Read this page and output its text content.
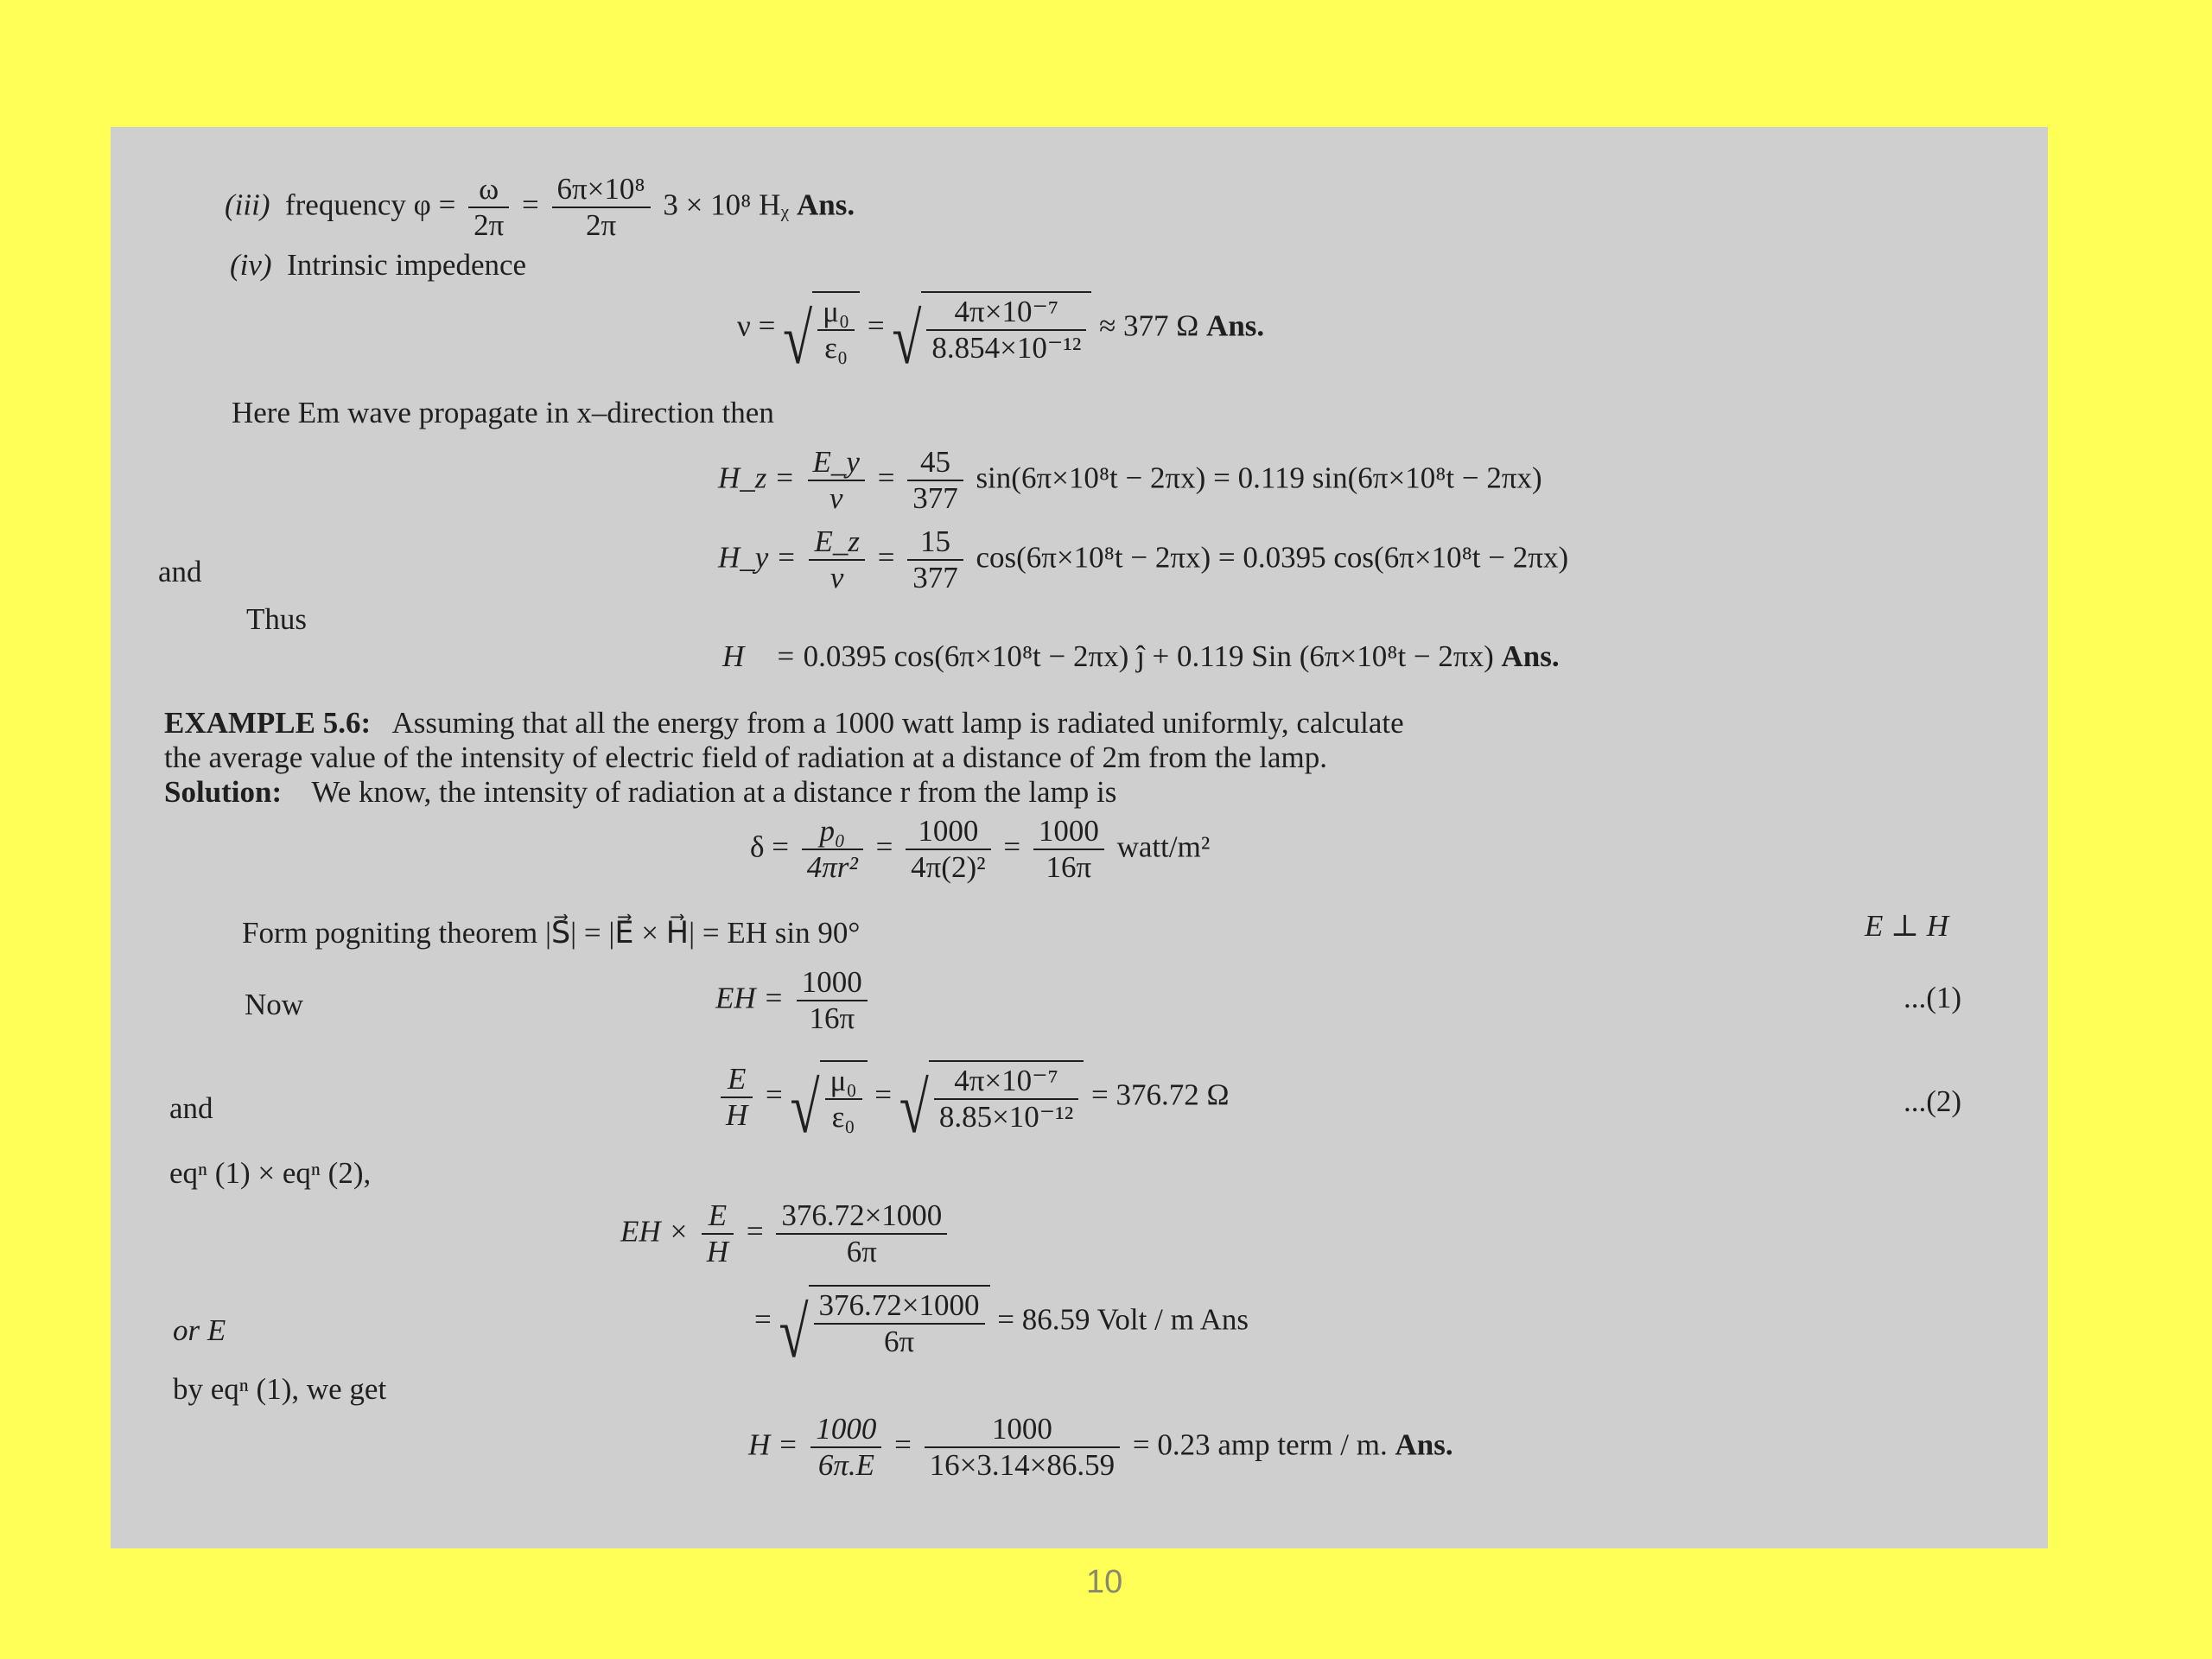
(iii) frequency $\varphi = \frac{\omega}{2\pi} = \frac{\text{6π×10⁸}}{2\pi} 3 \times 10^8$ Hᵪ Ans.
(iv) Intrinsic impedence
ν = √ $\frac{\text{μ₀}}{\text{ε₀}}$ = √ $\frac{\text{4π×10⁻⁷}}{\text{8.854×10⁻¹²}} \approx 377$ Ω Ans.
Here Em wave propagate in x–direction then
H_z = $\frac{E\_y}{\nu} = \frac{45}{377} \sin(6\pi\times 10^8t - 2\pi x) = 0.119$ sin(6π×10⁸t − 2πx)
and	H_y = $\frac{E\_z}{\nu} = \frac{15}{377} \cos(6\pi\times 10^8t - 2\pi x) = 0.0395$ cos(6π×10⁸t − 2πx)
Thus
H⃗ = 0.0395 cos(6π×10⁸t − 2πx) ĵ + 0.119 Sin (6π×10⁸t − 2πx) Ans.
EXAMPLE 5.6: Assuming that all the energy from a 1000 watt lamp is radiated uniformly, calculate
the average value of the intensity of electric field of radiation at a distance of 2m from the lamp.
Solution: We know, the intensity of radiation at a distance r from the lamp is
$\delta = \frac{\text{p₀}}{\text{4πr²}} = \frac{1000}{\text{4π(2)²}} = \frac{1000}{16\pi}$ watt/m²
Form pogniting theorem |S⃗| = |E⃗ × H⃗| = EH sin 90°	E ⊥ H
Now	EH = $\frac{1000}{16\pi}$	...(1)
and	$\frac{E}{H}$ = √ $\frac{\text{μ₀}}{\text{ε₀}}$ = √ $\frac{\text{4π×10⁻⁷}}{\text{8.85×10⁻¹²}} = 376.72$ Ω	...(2)
eqⁿ (1) × eqⁿ (2),
EH × $\frac{E}{H} = \frac{376.72\times 1000}{6\pi}$
or E	= √ $\frac{376.72\times 1000}{6\pi} = 86.59$ Volt / m Ans
by eqⁿ (1), we get
$H = \frac{1000}{6\pi.E} = \frac{1000}{16\times 3.14\times 86.59} = 0.23$ amp term / m. Ans.
10
